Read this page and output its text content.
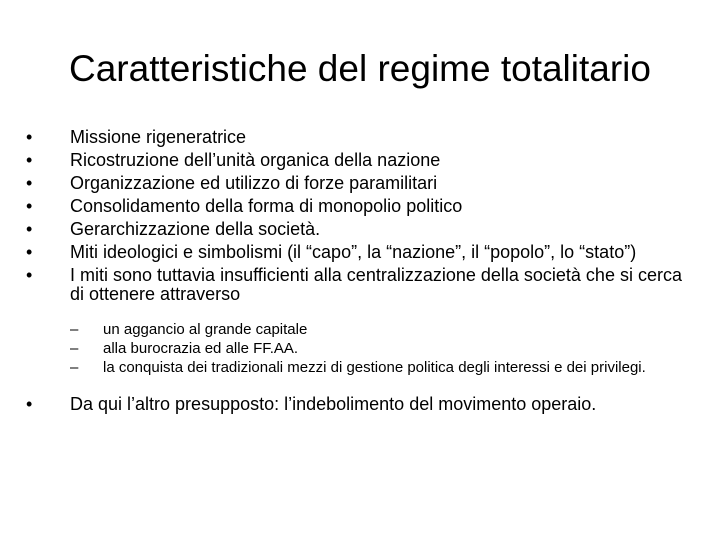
Caratteristiche del regime totalitario
•	Missione rigeneratrice
•	Ricostruzione dell’unità organica della nazione
•	Organizzazione ed utilizzo di forze paramilitari
•	Consolidamento della forma di monopolio politico
•	Gerarchizzazione della società.
•	Miti ideologici e simbolismi (il “capo”, la “nazione”, il “popolo”, lo “stato”)
•	I miti sono tuttavia insufficienti alla centralizzazione della società che si cerca di ottenere attraverso
– un aggancio al grande capitale
– alla burocrazia ed alle FF.AA.
– la conquista dei tradizionali mezzi di gestione politica degli interessi e dei privilegi.
•	Da qui l’altro presupposto: l’indebolimento del movimento operaio.
